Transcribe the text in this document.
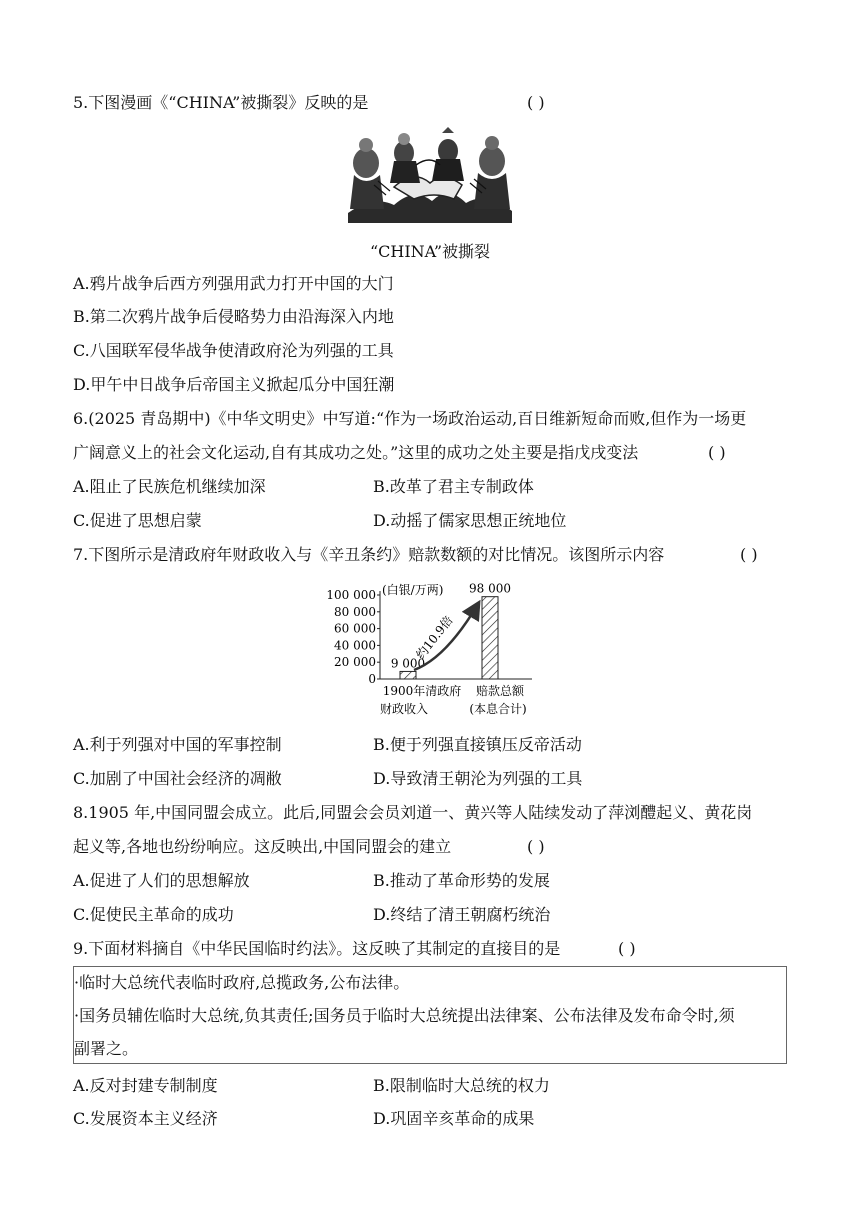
5.下图漫画《“CHINA”被撕裂》反映的是	( )
“CHINA”被撕裂
A.鸦片战争后西方列强用武力打开中国的大门
B.第二次鸦片战争后侵略势力由沿海深入内地
C.八国联军侵华战争使清政府沦为列强的工具
D.甲午中日战争后帝国主义掀起瓜分中国狂潮
6.(2025 青岛期中)《中华文明史》中写道:“作为一场政治运动,百日维新短命而败,但作为一场更
广阔意义上的社会文化运动,自有其成功之处。”这里的成功之处主要是指戊戌变法	( )
A.阻止了民族危机继续加深	B.改革了君主专制政体
C.促进了思想启蒙	D.动摇了儒家思想正统地位
7.下图所示是清政府年财政收入与《辛丑条约》赔款数额的对比情况。该图所示内容	( )
0
20 000
40 000
60 000
80 000
100 000
9 000
1900年清政府
财政收入
98 000
赔款总额
(本息合计)
(白银/万两)
约10.9倍
A.利于列强对中国的军事控制	B.便于列强直接镇压反帝活动
C.加剧了中国社会经济的凋敝	D.导致清王朝沦为列强的工具
8.1905 年,中国同盟会成立。此后,同盟会会员刘道一、黄兴等人陆续发动了萍浏醴起义、黄花岗
起义等,各地也纷纷响应。这反映出,中国同盟会的建立	( )
A.促进了人们的思想解放	B.推动了革命形势的发展
C.促使民主革命的成功	D.终结了清王朝腐朽统治
9.下面材料摘自《中华民国临时约法》。这反映了其制定的直接目的是	( )
·临时大总统代表临时政府,总揽政务,公布法律。
·国务员辅佐临时大总统,负其责任;国务员于临时大总统提出法律案、公布法律及发布命令时,须
副署之。
A.反对封建专制制度	B.限制临时大总统的权力
C.发展资本主义经济	D.巩固辛亥革命的成果
